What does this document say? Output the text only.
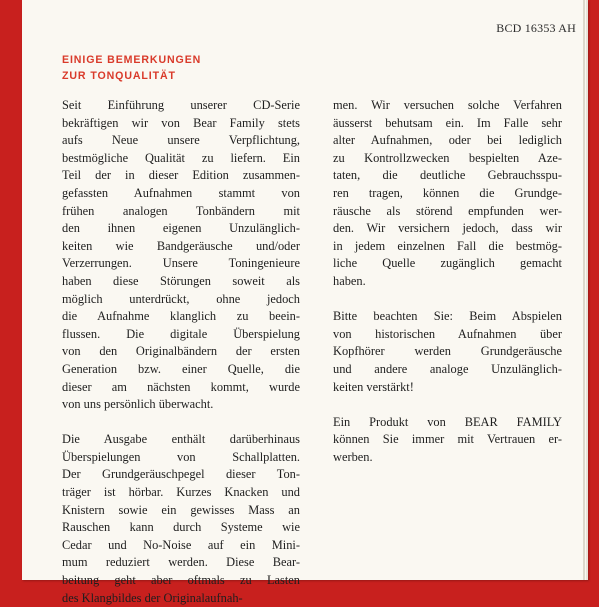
BCD 16353 AH
EINIGE BEMERKUNGEN
ZUR TONQUALITÄT
Seit Einführung unserer CD-Serie
bekräftigen wir von Bear Family stets
aufs Neue unsere Verpflichtung,
bestmögliche Qualität zu liefern. Ein
Teil der in dieser Edition zusammen-
gefassten Aufnahmen stammt von
frühen analogen Tonbändern mit
den ihnen eigenen Unzulänglich-
keiten wie Bandgeräusche und/oder
Verzerrungen. Unsere Toningenieure
haben diese Störungen soweit als
möglich unterdrückt, ohne jedoch
die Aufnahme klanglich zu beein-
flussen. Die digitale Überspielung
von den Originalbändern der ersten
Generation bzw. einer Quelle, die
dieser am nächsten kommt, wurde
von uns persönlich überwacht.
Die Ausgabe enthält darüberhinaus
Überspielungen von Schallplatten.
Der Grundgeräuschpegel dieser Ton-
träger ist hörbar. Kurzes Knacken und
Knistern sowie ein gewisses Mass an
Rauschen kann durch Systeme wie
Cedar und No-Noise auf ein Mini-
mum reduziert werden. Diese Bear-
beitung geht aber oftmals zu Lasten
des Klangbildes der Originalaufnah-
men. Wir versuchen solche Verfahren
äusserst behutsam ein. Im Falle sehr
alter Aufnahmen, oder bei lediglich
zu Kontrollzwecken bespielten Aze-
taten, die deutliche Gebrauchsspu-
ren tragen, können die Grundge-
räusche als störend empfunden wer-
den. Wir versichern jedoch, dass wir
in jedem einzelnen Fall die bestmög-
liche Quelle zugänglich gemacht
haben.
Bitte beachten Sie: Beim Abspielen
von historischen Aufnahmen über
Kopfhörer werden Grundgeräusche
und andere analoge Unzulänglich-
keiten verstärkt!
Ein Produkt von BEAR FAMILY
können Sie immer mit Vertrauen er-
werben.
